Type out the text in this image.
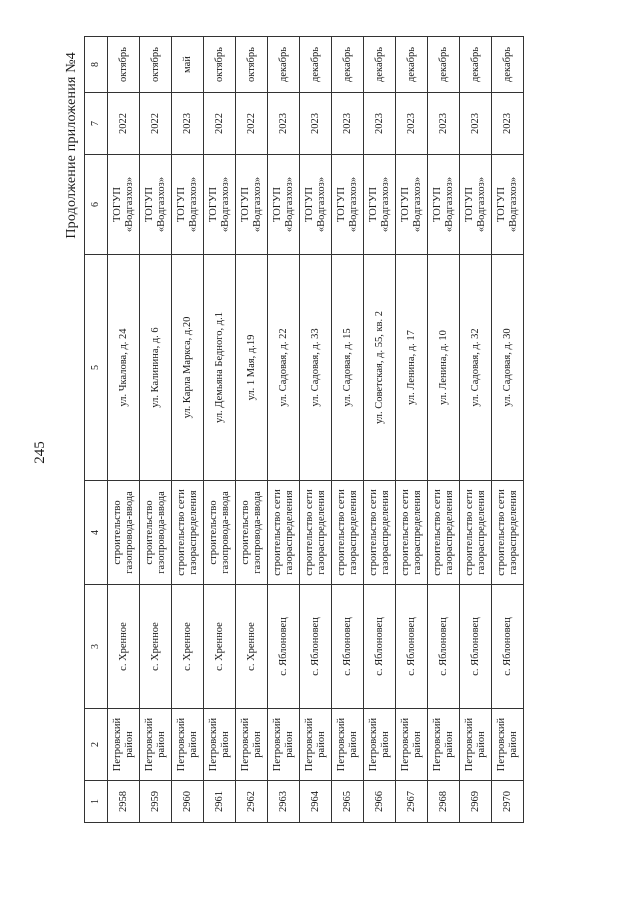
245
Продолжение приложения №4
1	2	3	4	5	6	7	8
2958	Петровский район	с. Хренное	строительство газопровода-ввода	ул. Чкалова, д. 24	ТОГУП «Водгазхоз»	2022	октябрь
2959	Петровский район	с. Хренное	строительство газопровода-ввода	ул. Калинина, д. 6	ТОГУП «Водгазхоз»	2022	октябрь
2960	Петровский район	с. Хренное	строительство сети газораспределения	ул. Карла Маркса, д.20	ТОГУП «Водгазхоз»	2023	май
2961	Петровский район	с. Хренное	строительство газопровода-ввода	ул. Демьяна Бедного, д.1	ТОГУП «Водгазхоз»	2022	октябрь
2962	Петровский район	с. Хренное	строительство газопровода-ввода	ул. 1 Мая, д.19	ТОГУП «Водгазхоз»	2022	октябрь
2963	Петровский район	с. Яблоновец	строительство сети газораспределения	ул. Садовая, д. 22	ТОГУП «Водгазхоз»	2023	декабрь
2964	Петровский район	с. Яблоновец	строительство сети газораспределения	ул. Садовая, д. 33	ТОГУП «Водгазхоз»	2023	декабрь
2965	Петровский район	с. Яблоновец	строительство сети газораспределения	ул. Садовая, д. 15	ТОГУП «Водгазхоз»	2023	декабрь
2966	Петровский район	с. Яблоновец	строительство сети газораспределения	ул. Советская, д. 55, кв. 2	ТОГУП «Водгазхоз»	2023	декабрь
2967	Петровский район	с. Яблоновец	строительство сети газораспределения	ул. Ленина, д. 17	ТОГУП «Водгазхоз»	2023	декабрь
2968	Петровский район	с. Яблоновец	строительство сети газораспределения	ул. Ленина, д. 10	ТОГУП «Водгазхоз»	2023	декабрь
2969	Петровский район	с. Яблоновец	строительство сети газораспределения	ул. Садовая, д. 32	ТОГУП «Водгазхоз»	2023	декабрь
2970	Петровский район	с. Яблоновец	строительство сети газораспределения	ул. Садовая, д. 30	ТОГУП «Водгазхоз»	2023	декабрь
